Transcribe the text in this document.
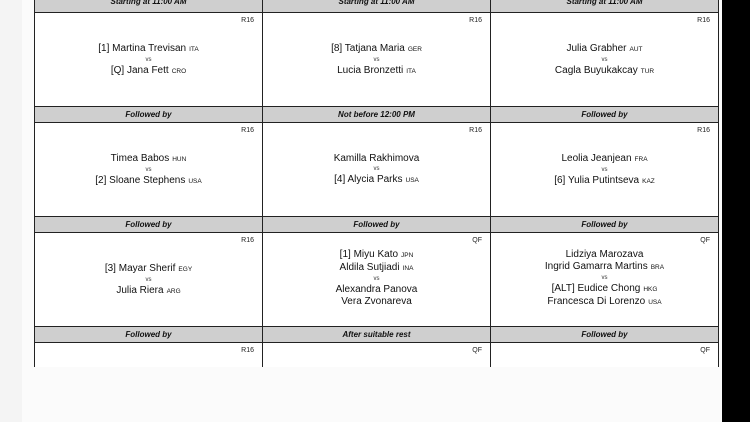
Starting at 11:00 AM	Starting at 11:00 AM	Starting at 11:00 AM
R16
[1] Martina Trevisan ITA
vs
[Q] Jana Fett CRO
R16
[8] Tatjana Maria GER
vs
Lucia Bronzetti ITA
R16
Julia Grabher AUT
vs
Cagla Buyukakcay TUR
Followed by	Not before 12:00 PM	Followed by
R16
Timea Babos HUN
vs
[2] Sloane Stephens USA
R16
Kamilla Rakhimova
vs
[4] Alycia Parks USA
R16
Leolia Jeanjean FRA
vs
[6] Yulia Putintseva KAZ
Followed by	Followed by	Followed by
R16
[3] Mayar Sherif EGY
vs
Julia Riera ARG
QF
[1] Miyu Kato JPN
Aldila Sutjiadi INA
vs
Alexandra Panova
Vera Zvonareva
QF
Lidziya Marozava
Ingrid Gamarra Martins BRA
vs
[ALT] Eudice Chong HKG
Francesca Di Lorenzo USA
Followed by	After suitable rest	Followed by
R16	QF	QF
